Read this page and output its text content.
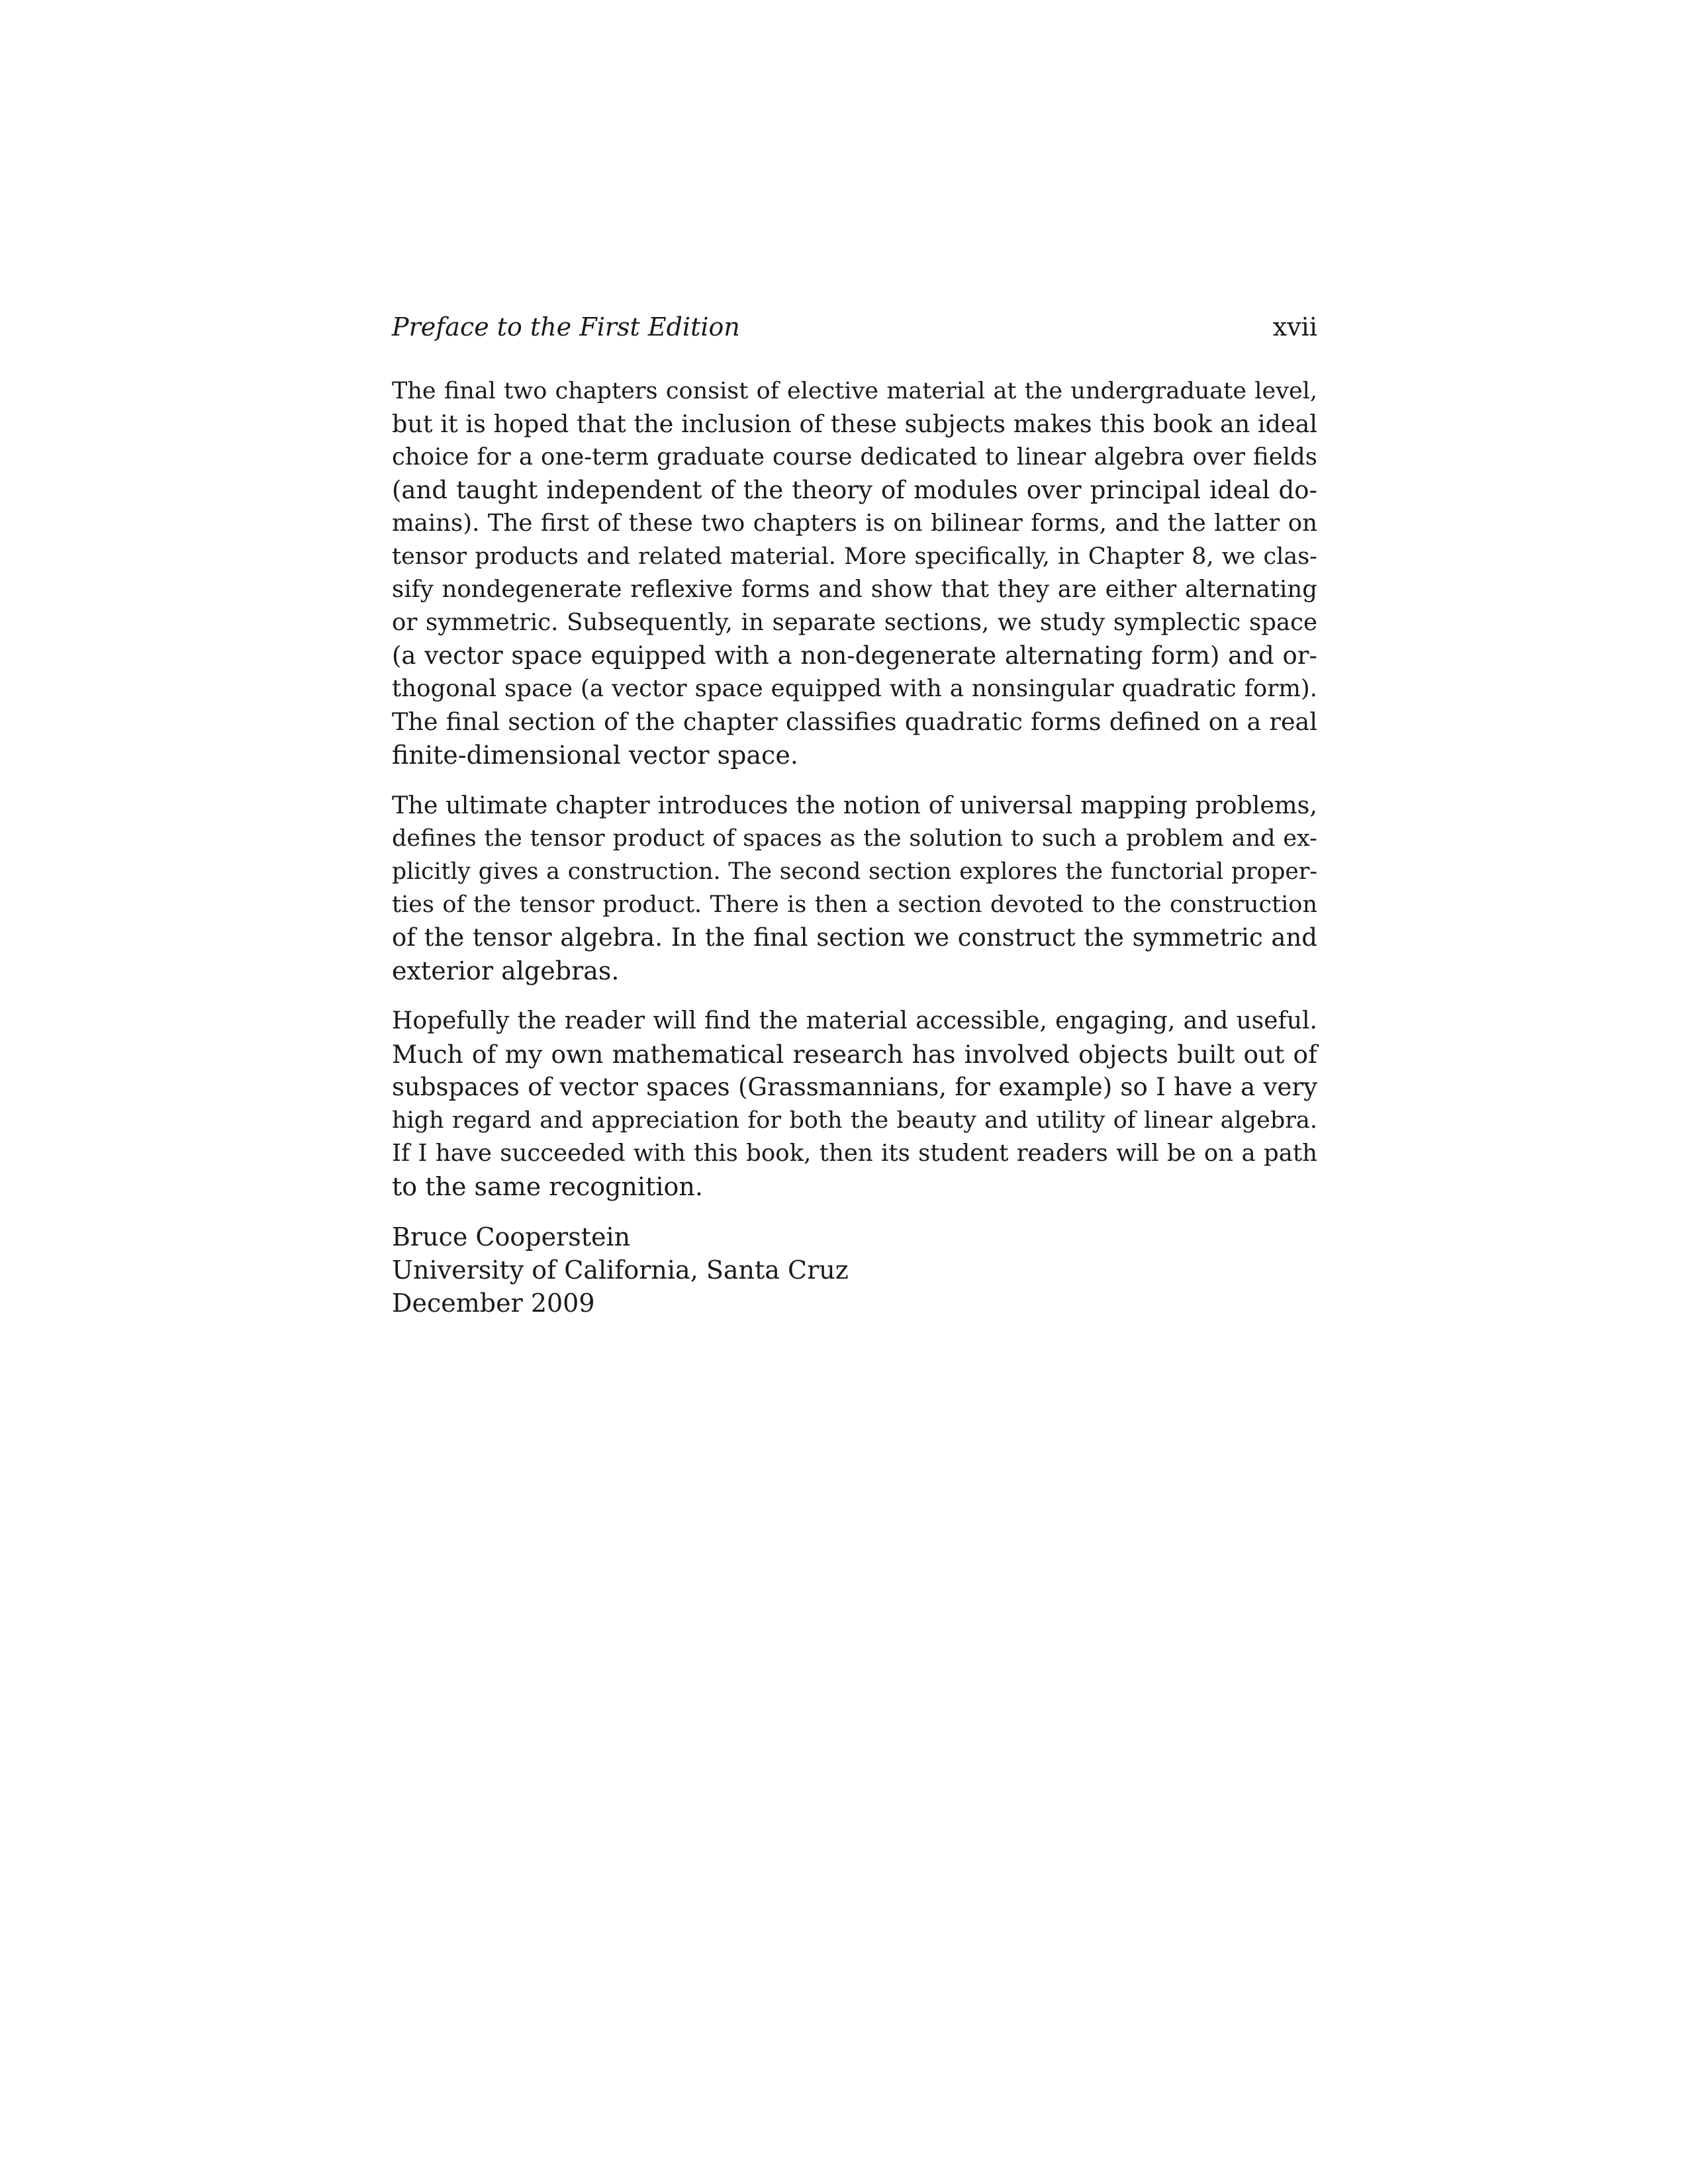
Preface to the First Edition	xvii
The final two chapters consist of elective material at the undergraduate level,
but it is hoped that the inclusion of these subjects makes this book an ideal
choice for a one-term graduate course dedicated to linear algebra over fields
(and taught independent of the theory of modules over principal ideal do-
mains). The first of these two chapters is on bilinear forms, and the latter on
tensor products and related material. More specifically, in Chapter 8, we clas-
sify nondegenerate reflexive forms and show that they are either alternating
or symmetric. Subsequently, in separate sections, we study symplectic space
(a vector space equipped with a non-degenerate alternating form) and or-
thogonal space (a vector space equipped with a nonsingular quadratic form).
The final section of the chapter classifies quadratic forms defined on a real
finite-dimensional vector space.
The ultimate chapter introduces the notion of universal mapping problems,
defines the tensor product of spaces as the solution to such a problem and ex-
plicitly gives a construction. The second section explores the functorial proper-
ties of the tensor product. There is then a section devoted to the construction
of the tensor algebra. In the final section we construct the symmetric and
exterior algebras.
Hopefully the reader will find the material accessible, engaging, and useful.
Much of my own mathematical research has involved objects built out of
subspaces of vector spaces (Grassmannians, for example) so I have a very
high regard and appreciation for both the beauty and utility of linear algebra.
If I have succeeded with this book, then its student readers will be on a path
to the same recognition.
Bruce Cooperstein
University of California, Santa Cruz
December 2009
